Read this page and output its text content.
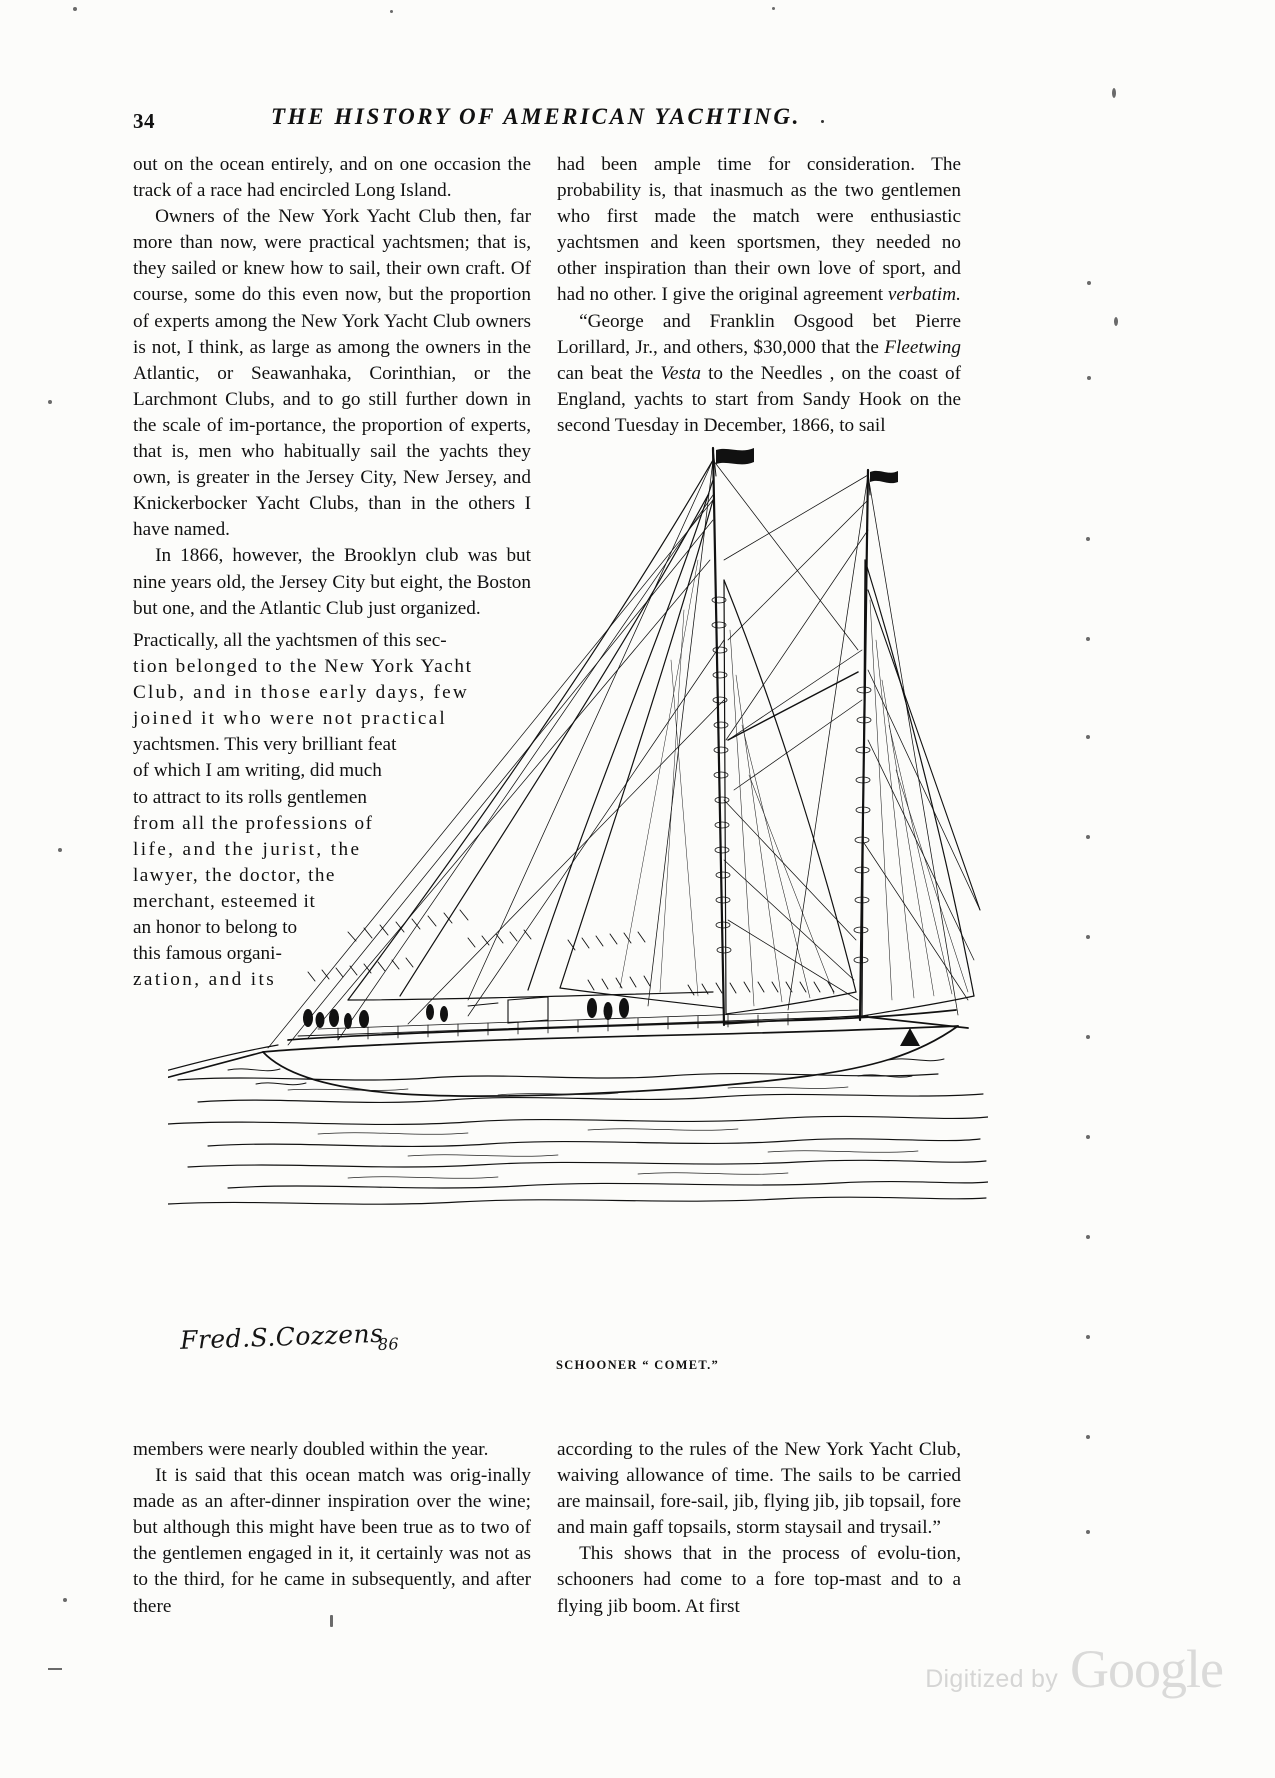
34	THE HISTORY OF AMERICAN YACHTING.

out on the ocean entirely, and on one occasion the track of a race had encircled Long Island.

Owners of the New York Yacht Club then, far more than now, were practical yachtsmen; that is, they sailed or knew how to sail, their own craft. Of course, some do this even now, but the proportion of experts among the New York Yacht Club owners is not, I think, as large as among the owners in the Atlantic, or Seawanhaka, Corinthian, or the Larchmont Clubs, and to go still further down in the scale of im-portance, the proportion of experts, that is, men who habitually sail the yachts they own, is greater in the Jersey City, New Jersey, and Knickerbocker Yacht Clubs, than in the others I have named.

In 1866, however, the Brooklyn club was but nine years old, the Jersey City but eight, the Boston but one, and the Atlantic Club just organized.

Practically, all the yachtsmen of this sec-
tion belonged to the New York Yacht
Club, and in those early days, few
joined it who were not practical
yachtsmen. This very brilliant feat
of which I am writing, did much
to attract to its rolls gentlemen
from all the professions of
life, and the jurist, the
lawyer, the doctor, the
merchant, esteemed it
an honor to belong to
this famous organi-
zation, and its

had been ample time for consideration. The probability is, that inasmuch as the two gentlemen who first made the match were enthusiastic yachtsmen and keen sportsmen, they needed no other inspiration than their own love of sport, and had no other. I give the original agreement verbatim.

“George and Franklin Osgood bet Pierre Lorillard, Jr., and others, $30,000 that the Fleetwing can beat the Vesta to the Needles , on the coast of England, yachts to start from Sandy Hook on the second Tuesday in December, 1866, to sail

Fred.S.Cozzens$_{86}$
SCHOONER “ COMET.”

members were nearly doubled within the year.

It is said that this ocean match was orig-inally made as an after-dinner inspiration over the wine; but although this might have been true as to two of the gentlemen engaged in it, it certainly was not as to the third, for he came in subsequently, and after there

according to the rules of the New York Yacht Club, waiving allowance of time. The sails to be carried are mainsail, fore-sail, jib, flying jib, jib topsail, fore and main gaff topsails, storm staysail and trysail.”

This shows that in the process of evolu-tion, schooners had come to a fore top-mast and to a flying jib boom. At first

Digitized by Google
